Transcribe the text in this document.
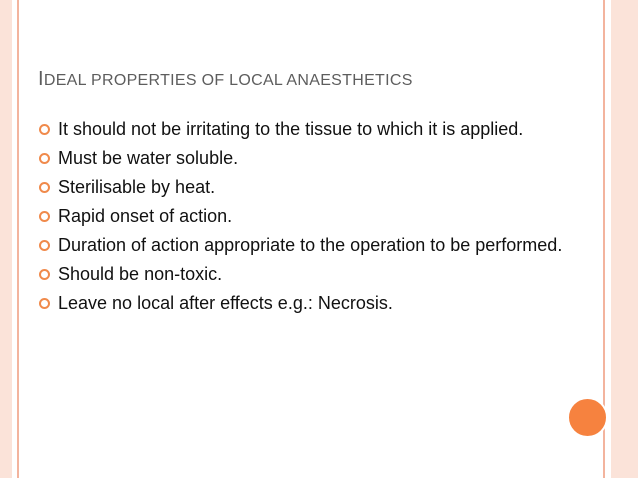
IDEAL PROPERTIES OF LOCAL ANAESTHETICS
It should not be irritating to the tissue to which it is applied.
Must be water soluble.
Sterilisable by heat.
Rapid onset of action.
Duration of action appropriate to the operation to be performed.
Should be non-toxic.
Leave no local after effects e.g.: Necrosis.
